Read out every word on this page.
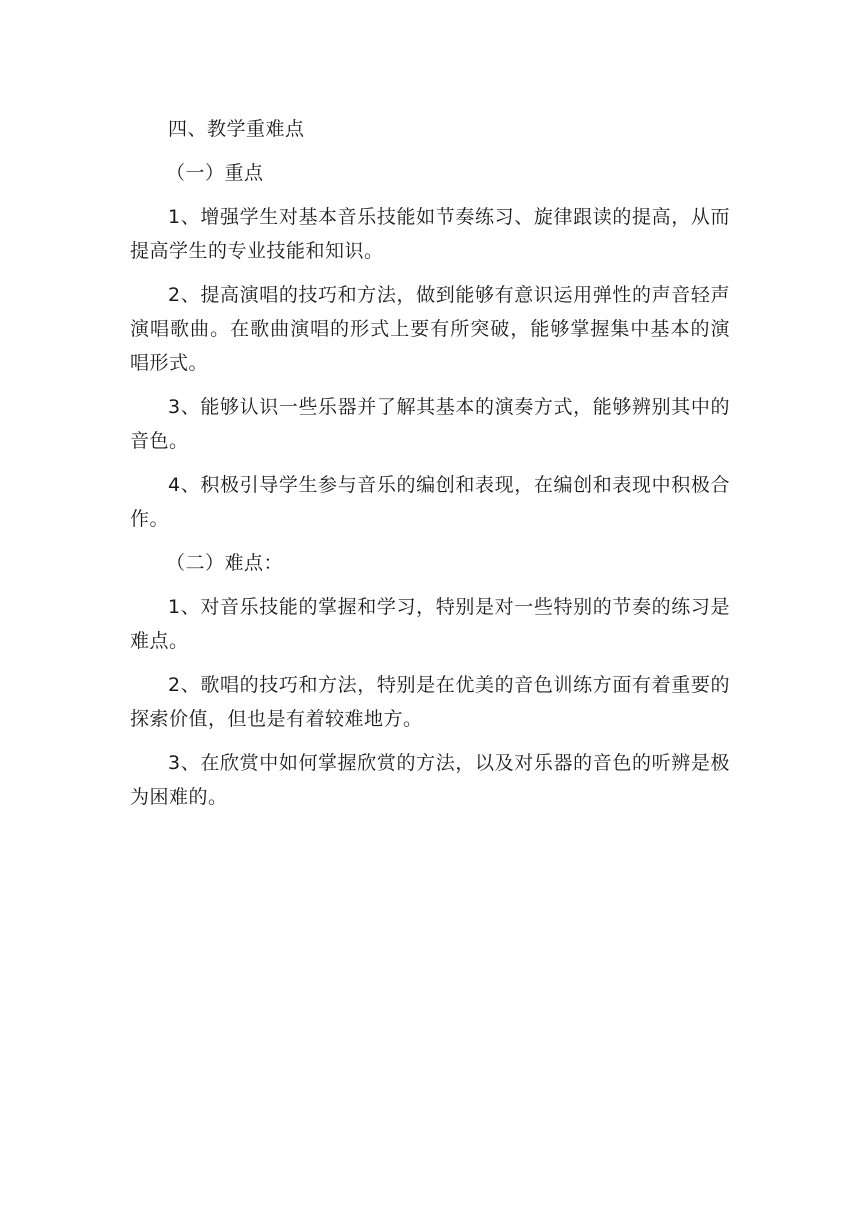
四、教学重难点

（一）重点

1、增强学生对基本音乐技能如节奏练习、旋律跟读的提高，从而提高学生的专业技能和知识。

2、提高演唱的技巧和方法，做到能够有意识运用弹性的声音轻声演唱歌曲。在歌曲演唱的形式上要有所突破，能够掌握集中基本的演唱形式。

3、能够认识一些乐器并了解其基本的演奏方式，能够辨别其中的音色。

4、积极引导学生参与音乐的编创和表现，在编创和表现中积极合作。

（二）难点：

1、对音乐技能的掌握和学习，特别是对一些特别的节奏的练习是难点。

2、歌唱的技巧和方法，特别是在优美的音色训练方面有着重要的探索价值，但也是有着较难地方。

3、在欣赏中如何掌握欣赏的方法，以及对乐器的音色的听辨是极为困难的。
